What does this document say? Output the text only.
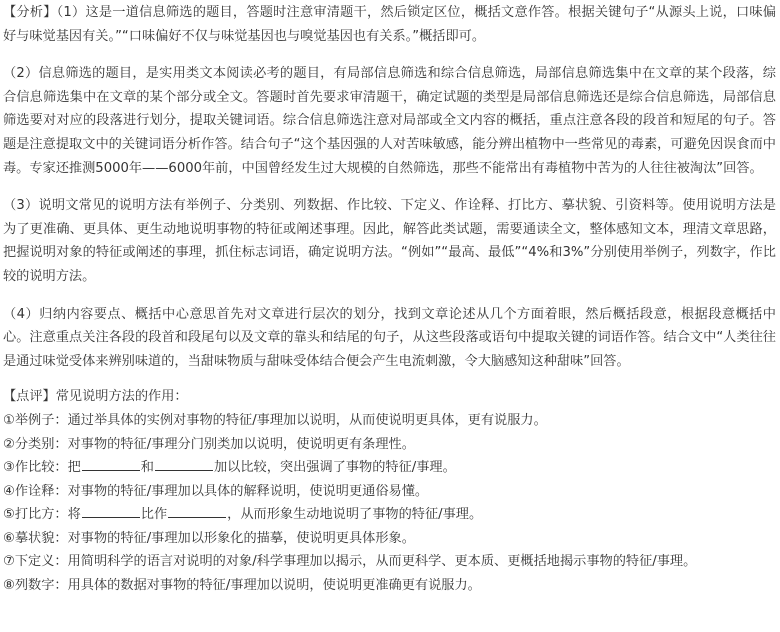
【分析】（1）这是一道信息筛选的题目，答题时注意审清题干，然后锁定区位，概括文意作答。根据关键句子“从源头上说，口味偏好与味觉基因有关。”“口味偏好不仅与味觉基因也与嗅觉基因也有关系。”概括即可。

（2）信息筛选的题目，是实用类文本阅读必考的题目，有局部信息筛选和综合信息筛选，局部信息筛选集中在文章的某个段落，综合信息筛选集中在文章的某个部分或全文。答题时首先要求审清题干，确定试题的类型是局部信息筛选还是综合信息筛选，局部信息筛选要对对应的段落进行划分，提取关键词语。综合信息筛选注意对局部或全文内容的概括，重点注意各段的段首和短尾的句子。答题是注意提取文中的关键词语分析作答。结合句子“这个基因强的人对苦味敏感，能分辨出植物中一些常见的毒素，可避免因误食而中毒。专家还推测5000年——6000年前，中国曾经发生过大规模的自然筛选，那些不能常出有毒植物中苦为的人往往被淘汰”回答。

（3）说明文常见的说明方法有举例子、分类别、列数据、作比较、下定义、作诠释、打比方、摹状貌、引资料等。使用说明方法是为了更准确、更具体、更生动地说明事物的特征或阐述事理。因此，解答此类试题，需要通读全文，整体感知文本，理清文章思路，把握说明对象的特征或阐述的事理，抓住标志词语，确定说明方法。“例如”“最高、最低”“4%和3%”分别使用举例子，列数字，作比较的说明方法。

（4）归纳内容要点、概括中心意思首先对文章进行层次的划分，找到文章论述从几个方面着眼，然后概括段意，根据段意概括中心。注意重点关注各段的段首和段尾句以及文章的靠头和结尾的句子，从这些段落或语句中提取关键的词语作答。结合文中“人类往往是通过味觉受体来辨别味道的，当甜味物质与甜味受体结合便会产生电流刺激，令大脑感知这种甜味”回答。

【点评】常见说明方法的作用：

①举例子：通过举具体的实例对事物的特征/事理加以说明，从而使说明更具体，更有说服力。
②分类别：对事物的特征/事理分门别类加以说明，使说明更有条理性。
③作比较：把	和	加以比较，突出强调了事物的特征/事理。
④作诠释：对事物的特征/事理加以具体的解释说明，使说明更通俗易懂。
⑤打比方：将	比作	，从而形象生动地说明了事物的特征/事理。
⑥摹状貌：对事物的特征/事理加以形象化的描摹，使说明更具体形象。
⑦下定义：用简明科学的语言对说明的对象/科学事理加以揭示，从而更科学、更本质、更概括地揭示事物的特征/事理。
⑧列数字：用具体的数据对事物的特征/事理加以说明，使说明更准确更有说服力。
